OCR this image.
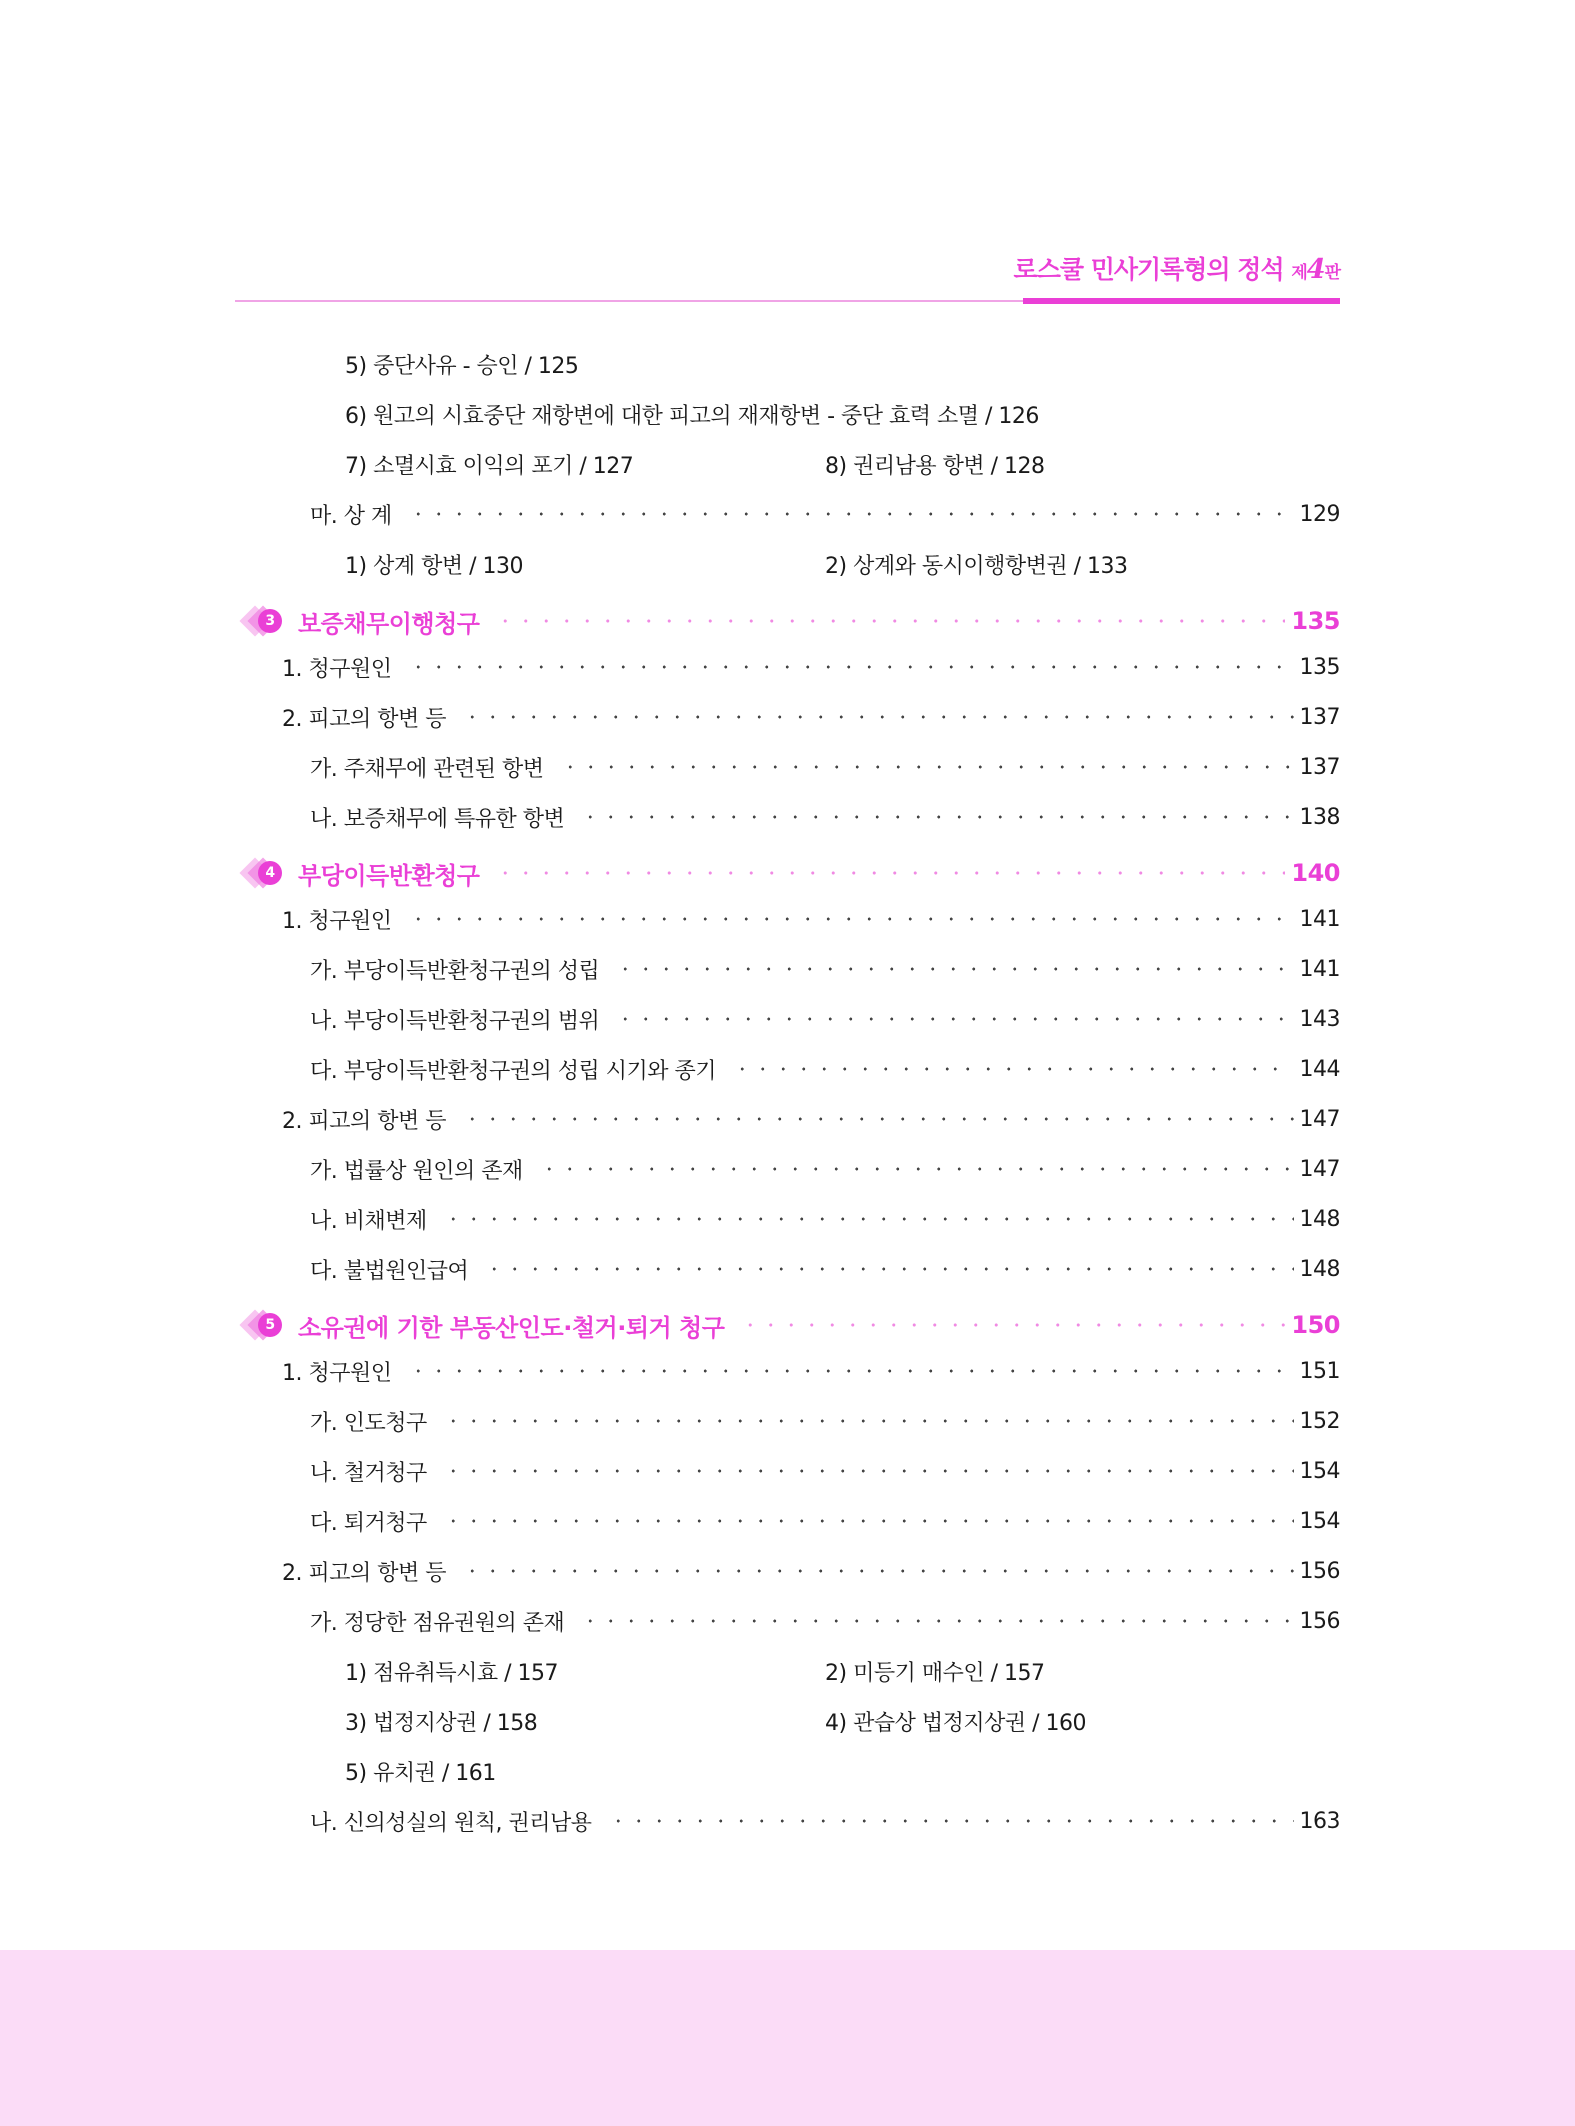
로스쿨 민사기록형의 정석 제4판
5) 중단사유 - 승인 / 125
6) 원고의 시효중단 재항변에 대한 피고의 재재항변 - 중단 효력 소멸 / 126
7) 소멸시효 이익의 포기 / 127	8) 권리남용 항변 / 128
마. 상 계	129
1) 상계 항변 / 130	2) 상계와 동시이행항변권 / 133
3 보증채무이행청구	135
1. 청구원인	135
2. 피고의 항변 등	137
가. 주채무에 관련된 항변	137
나. 보증채무에 특유한 항변	138
4 부당이득반환청구	140
1. 청구원인	141
가. 부당이득반환청구권의 성립	141
나. 부당이득반환청구권의 범위	143
다. 부당이득반환청구권의 성립 시기와 종기	144
2. 피고의 항변 등	147
가. 법률상 원인의 존재	147
나. 비채변제	148
다. 불법원인급여	148
5 소유권에 기한 부동산인도·철거·퇴거 청구	150
1. 청구원인	151
가. 인도청구	152
나. 철거청구	154
다. 퇴거청구	154
2. 피고의 항변 등	156
가. 정당한 점유권원의 존재	156
1) 점유취득시효 / 157	2) 미등기 매수인 / 157
3) 법정지상권 / 158	4) 관습상 법정지상권 / 160
5) 유치권 / 161
나. 신의성실의 원칙, 권리남용	163
